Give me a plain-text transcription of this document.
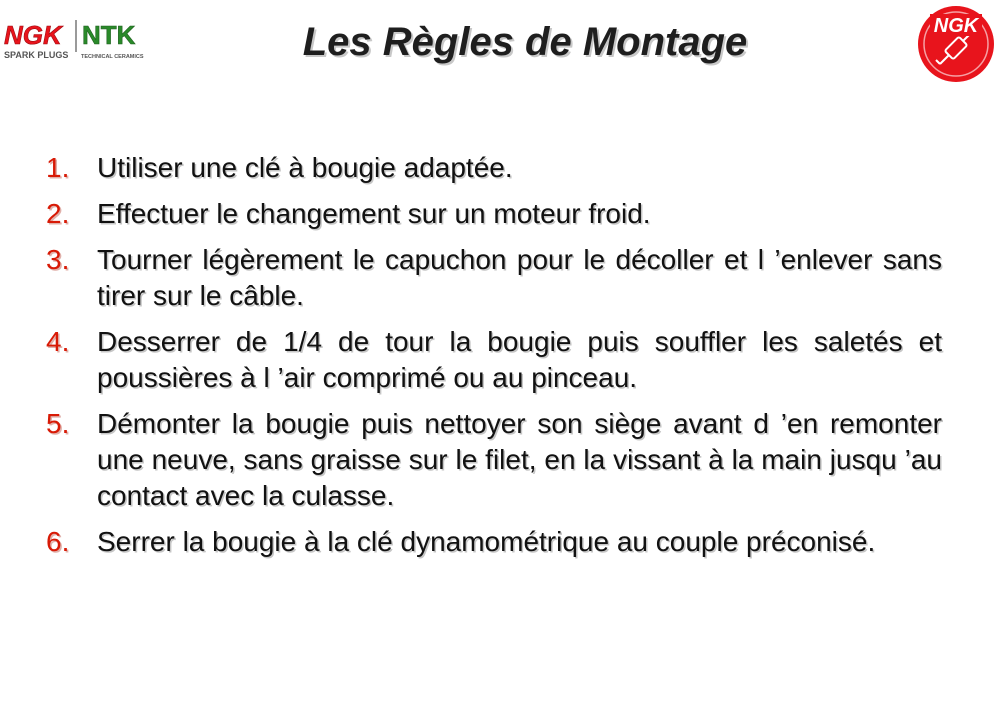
NGK NTK
SPARK PLUGS TECHNICAL CERAMICS	Les Règles de Montage	NGK
1. Utiliser une clé à bougie adaptée.
2. Effectuer le changement sur un moteur froid.
3. Tourner légèrement le capuchon pour le décoller et l ’enlever sans tirer sur le câble.
4. Desserrer de 1/4 de tour la bougie puis souffler les saletés et poussières à l ’air comprimé ou au pinceau.
5. Démonter la bougie puis nettoyer son siège avant d ’en remonter une neuve, sans graisse sur le filet, en la vissant à la main jusqu ’au contact avec la culasse.
6. Serrer la bougie à la clé dynamométrique au couple préconisé.
